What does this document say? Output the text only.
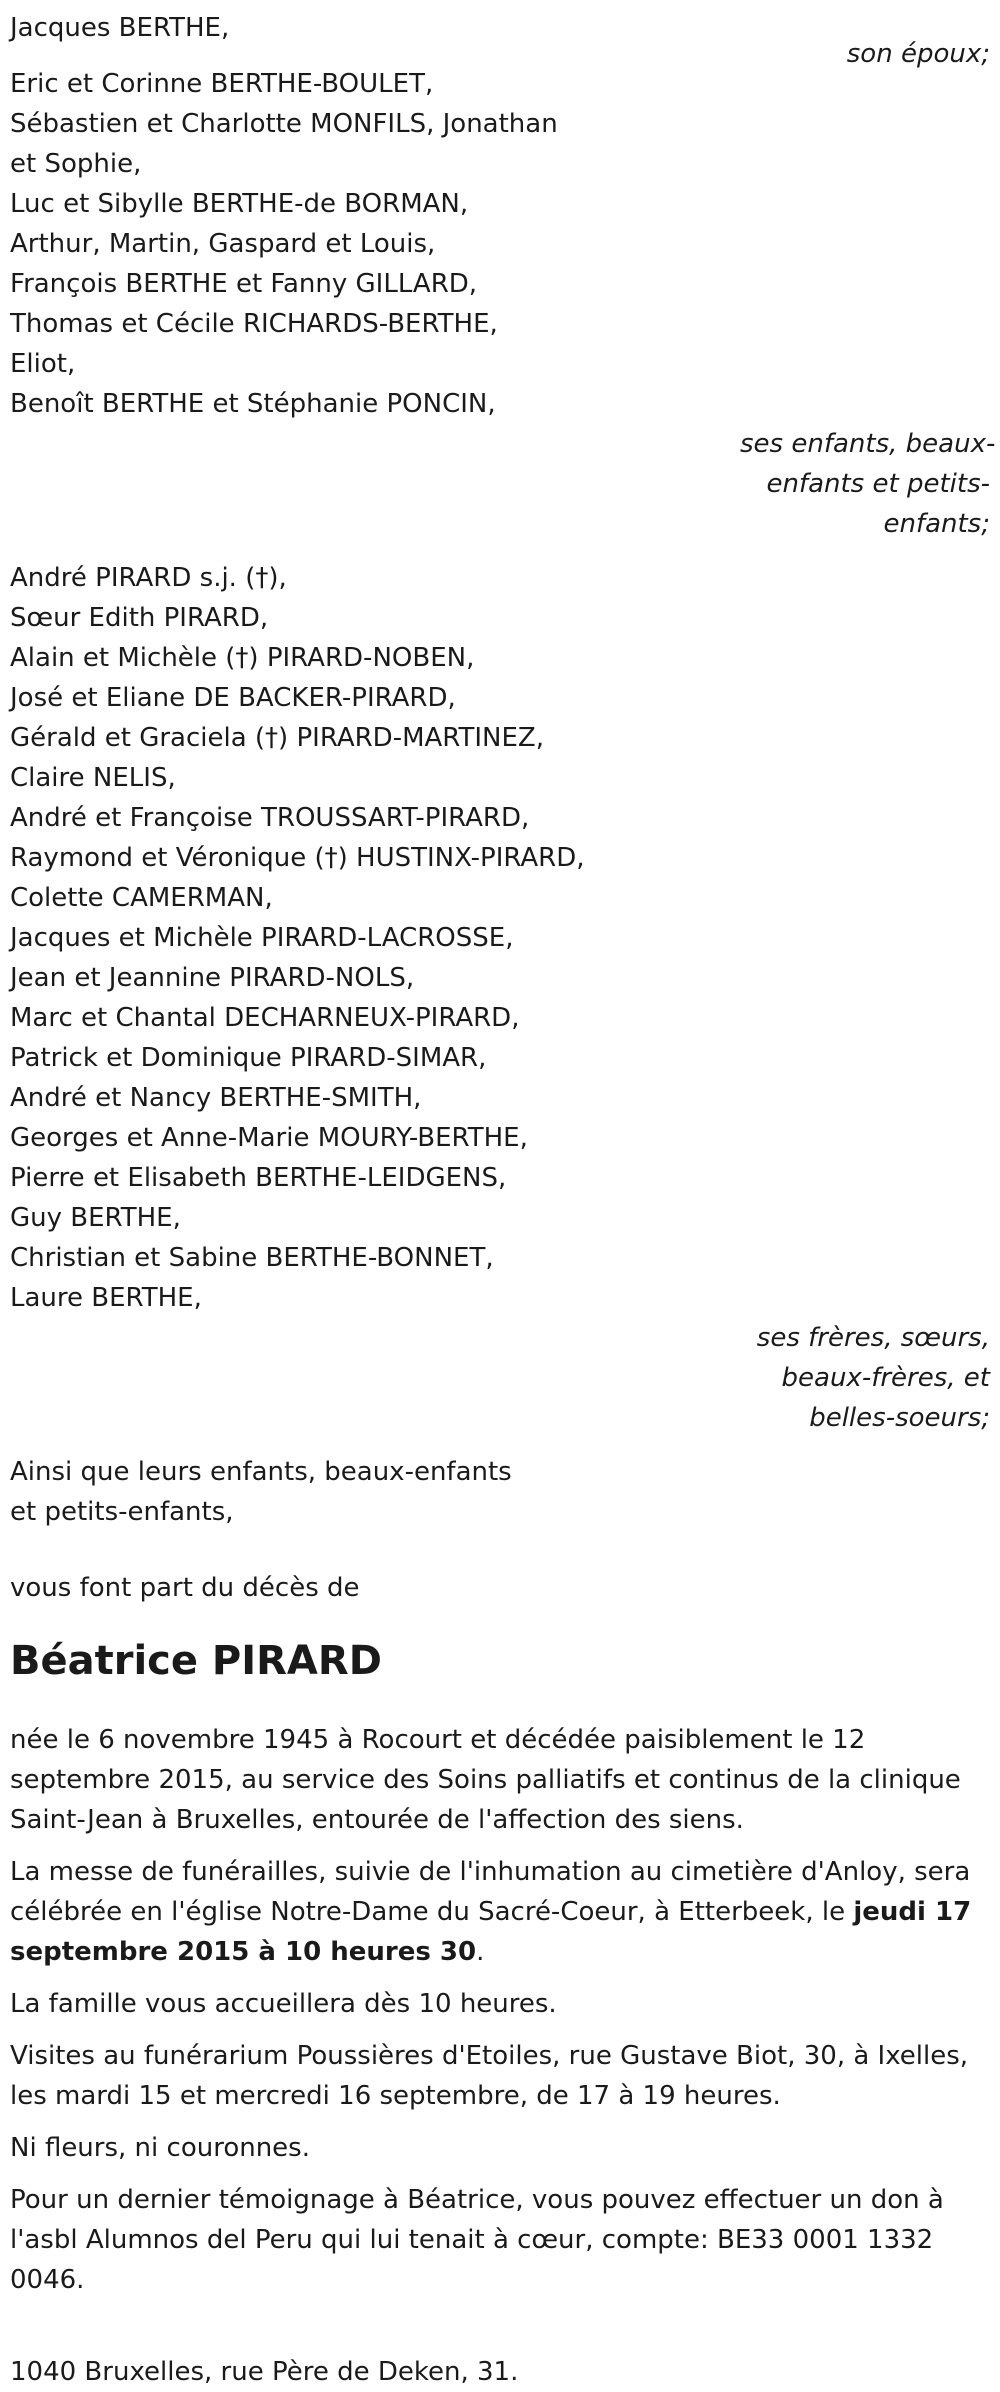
Jacques BERTHE,
son époux;
Eric et Corinne BERTHE-BOULET,
Sébastien et Charlotte MONFILS, Jonathan
et Sophie,
Luc et Sibylle BERTHE-de BORMAN,
Arthur, Martin, Gaspard et Louis,
François BERTHE et Fanny GILLARD,
Thomas et Cécile RICHARDS-BERTHE,
Eliot,
Benoît BERTHE et Stéphanie PONCIN,
ses enfants, beaux-
enfants et petits-
enfants;
André PIRARD s.j. (†),
Sœur Edith PIRARD,
Alain et Michèle (†) PIRARD-NOBEN,
José et Eliane DE BACKER-PIRARD,
Gérald et Graciela (†) PIRARD-MARTINEZ,
Claire NELIS,
André et Françoise TROUSSART-PIRARD,
Raymond et Véronique (†) HUSTINX-PIRARD,
Colette CAMERMAN,
Jacques et Michèle PIRARD-LACROSSE,
Jean et Jeannine PIRARD-NOLS,
Marc et Chantal DECHARNEUX-PIRARD,
Patrick et Dominique PIRARD-SIMAR,
André et Nancy BERTHE-SMITH,
Georges et Anne-Marie MOURY-BERTHE,
Pierre et Elisabeth BERTHE-LEIDGENS,
Guy BERTHE,
Christian et Sabine BERTHE-BONNET,
Laure BERTHE,
ses frères, sœurs,
beaux-frères, et
belles-soeurs;
Ainsi que leurs enfants, beaux-enfants
et petits-enfants,
vous font part du décès de
Béatrice PIRARD

née le 6 novembre 1945 à Rocourt et décédée paisiblement le 12 septembre 2015, au service des Soins palliatifs et continus de la clinique Saint-Jean à Bruxelles, entourée de l'affection des siens.

La messe de funérailles, suivie de l'inhumation au cimetière d'Anloy, sera célébrée en l'église Notre-Dame du Sacré-Coeur, à Etterbeek, le jeudi 17 septembre 2015 à 10 heures 30.

La famille vous accueillera dès 10 heures.

Visites au funérarium Poussières d'Etoiles, rue Gustave Biot, 30, à Ixelles, les mardi 15 et mercredi 16 septembre, de 17 à 19 heures.

Ni fleurs, ni couronnes.

Pour un dernier témoignage à Béatrice, vous pouvez effectuer un don à l'asbl Alumnos del Peru qui lui tenait à cœur, compte: BE33 0001 1332 0046.

1040 Bruxelles, rue Père de Deken, 31.
